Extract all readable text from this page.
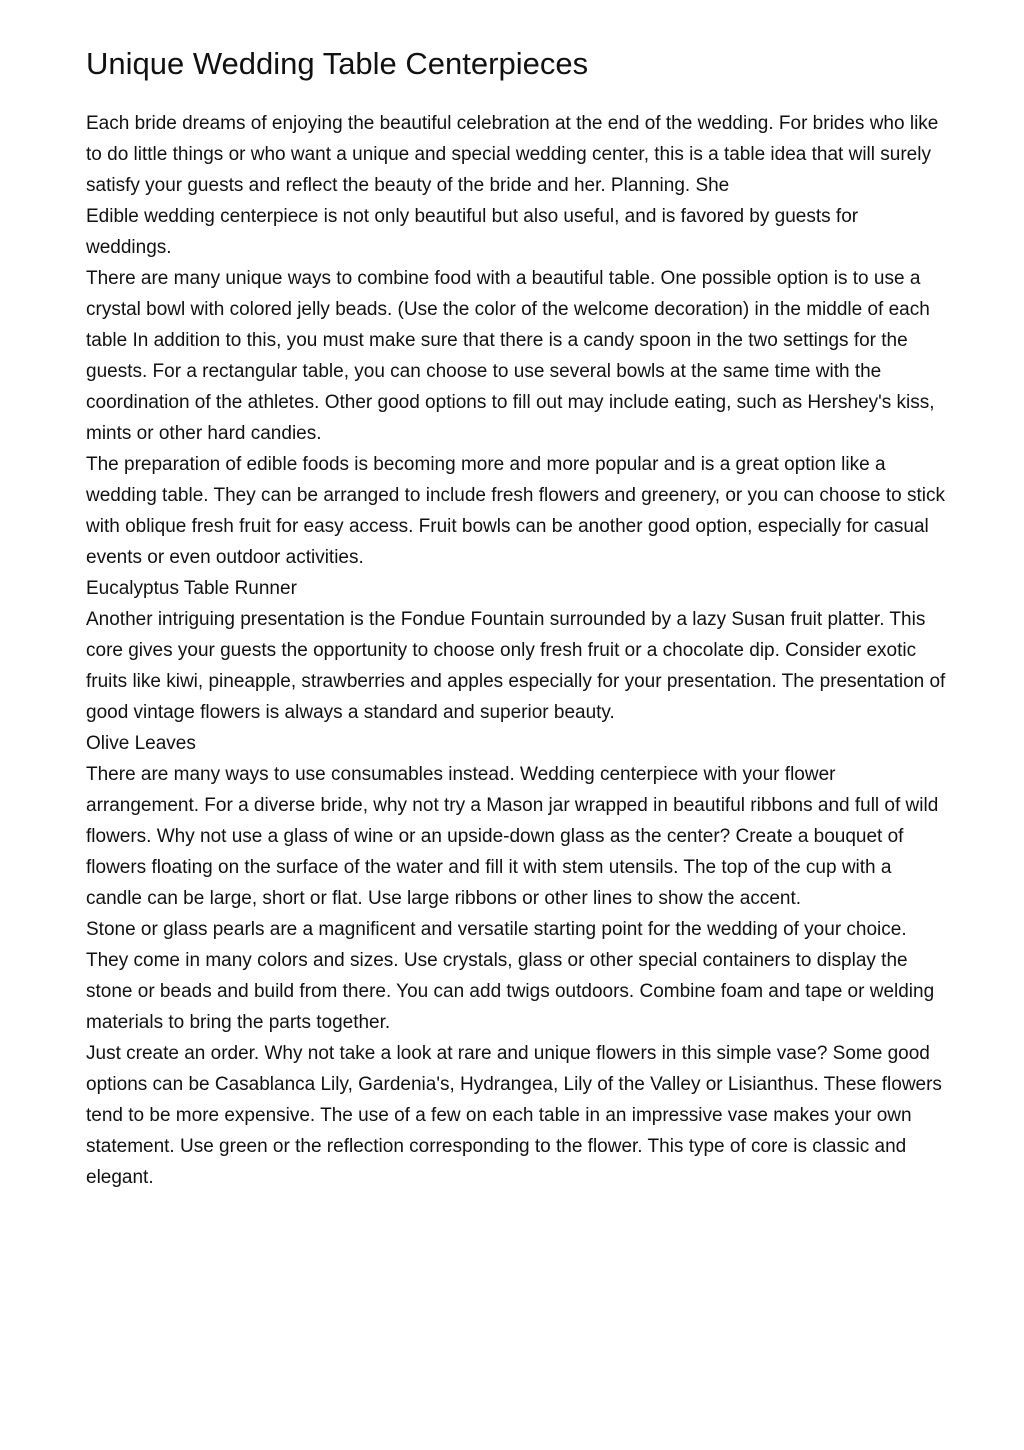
Unique Wedding Table Centerpieces

Each bride dreams of enjoying the beautiful celebration at the end of the wedding. For brides who like to do little things or who want a unique and special wedding center, this is a table idea that will surely satisfy your guests and reflect the beauty of the bride and her. Planning. She

Edible wedding centerpiece is not only beautiful but also useful, and is favored by guests for weddings.

There are many unique ways to combine food with a beautiful table. One possible option is to use a crystal bowl with colored jelly beads. (Use the color of the welcome decoration) in the middle of each table In addition to this, you must make sure that there is a candy spoon in the two settings for the guests. For a rectangular table, you can choose to use several bowls at the same time with the coordination of the athletes. Other good options to fill out may include eating, such as Hershey's kiss, mints or other hard candies.

The preparation of edible foods is becoming more and more popular and is a great option like a wedding table. They can be arranged to include fresh flowers and greenery, or you can choose to stick with oblique fresh fruit for easy access. Fruit bowls can be another good option, especially for casual events or even outdoor activities.

Eucalyptus Table Runner

Another intriguing presentation is the Fondue Fountain surrounded by a lazy Susan fruit platter. This core gives your guests the opportunity to choose only fresh fruit or a chocolate dip. Consider exotic fruits like kiwi, pineapple, strawberries and apples especially for your presentation. The presentation of good vintage flowers is always a standard and superior beauty.

Olive Leaves

There are many ways to use consumables instead. Wedding centerpiece with your flower arrangement. For a diverse bride, why not try a Mason jar wrapped in beautiful ribbons and full of wild flowers. Why not use a glass of wine or an upside-down glass as the center? Create a bouquet of flowers floating on the surface of the water and fill it with stem utensils. The top of the cup with a candle can be large, short or flat. Use large ribbons or other lines to show the accent.

Stone or glass pearls are a magnificent and versatile starting point for the wedding of your choice. They come in many colors and sizes. Use crystals, glass or other special containers to display the stone or beads and build from there. You can add twigs outdoors. Combine foam and tape or welding materials to bring the parts together.

Just create an order. Why not take a look at rare and unique flowers in this simple vase? Some good options can be Casablanca Lily, Gardenia's, Hydrangea, Lily of the Valley or Lisianthus. These flowers tend to be more expensive. The use of a few on each table in an impressive vase makes your own statement. Use green or the reflection corresponding to the flower. This type of core is classic and elegant.
